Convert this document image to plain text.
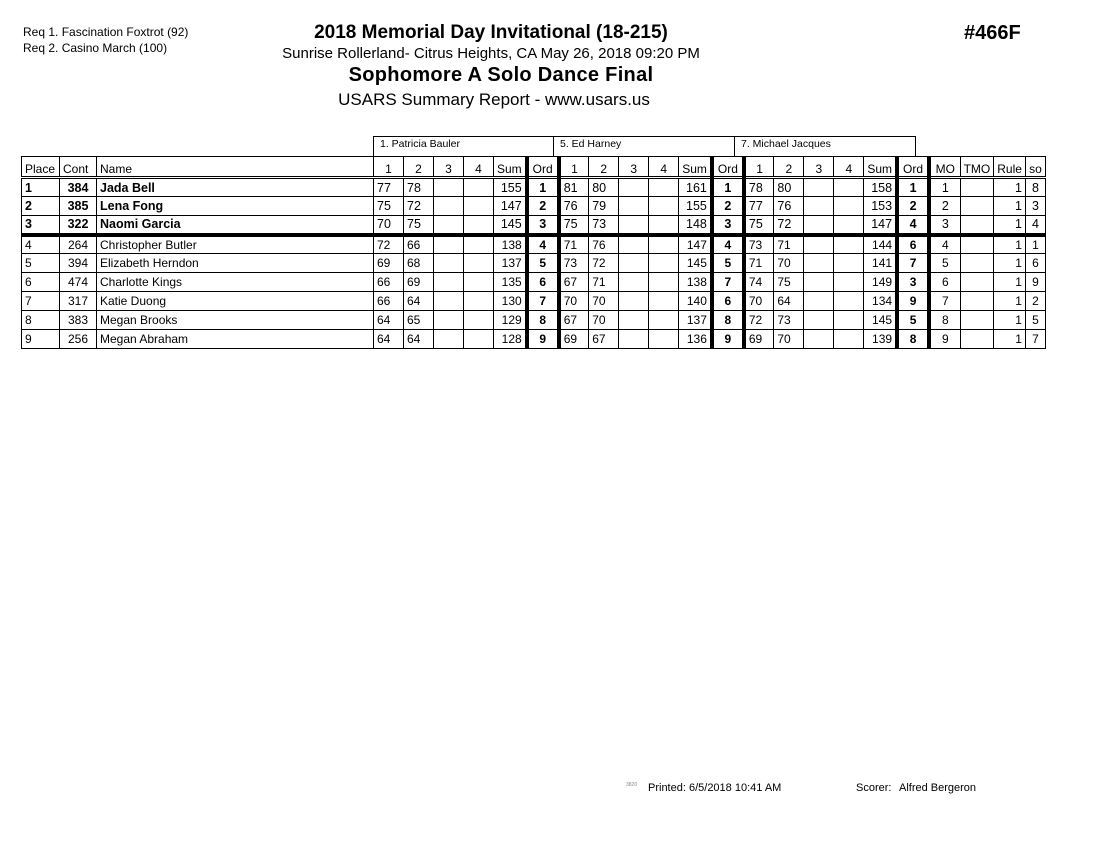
Req 1. Fascination Foxtrot (92)
Req 2. Casino March (100)
2018 Memorial Day Invitational (18-215)
Sunrise Rollerland- Citrus Heights, CA May 26, 2018 09:20 PM
Sophomore A Solo Dance Final
USARS Summary Report - www.usars.us
#466F
1. Patricia Bauler	5. Ed Harney	7. Michael Jacques
Place	Cont	Name	1	2	3	4	Sum	Ord	1	2	3	4	Sum	Ord	1	2	3	4	Sum	Ord	MO	TMO	Rule	so
1	384	Jada Bell	77	78			155	1	81	80			161	1	78	80			158	1	1		1	8
2	385	Lena Fong	75	72			147	2	76	79			155	2	77	76			153	2	2		1	3
3	322	Naomi Garcia	70	75			145	3	75	73			148	3	75	72			147	4	3		1	4
4	264	Christopher Butler	72	66			138	4	71	76			147	4	73	71			144	6	4		1	1
5	394	Elizabeth Herndon	69	68			137	5	73	72			145	5	71	70			141	7	5		1	6
6	474	Charlotte Kings	66	69			135	6	67	71			138	7	74	75			149	3	6		1	9
7	317	Katie Duong	66	64			130	7	70	70			140	6	70	64			134	9	7		1	2
8	383	Megan Brooks	64	65			129	8	67	70			137	8	72	73			145	5	8		1	5
9	256	Megan Abraham	64	64			128	9	69	67			136	9	69	70			139	8	9		1	7
3820 Printed: 6/5/2018 10:41 AM	Scorer: Alfred Bergeron
